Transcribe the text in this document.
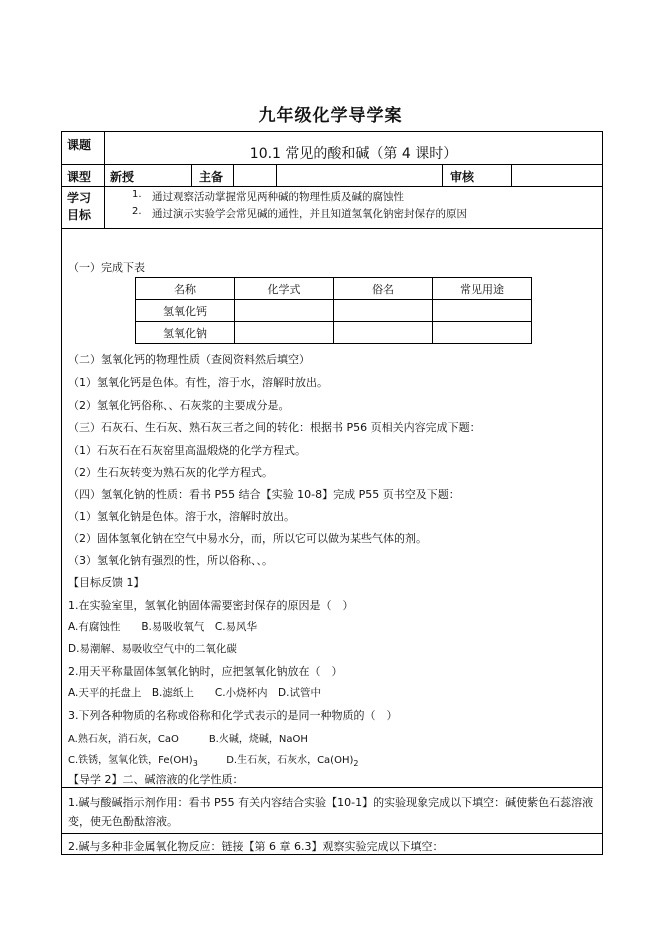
九年级化学导学案
课题
10.1 常见的酸和碱（第 4 课时）
课型 新授	主备	审核
学习
目标
1. 通过观察活动掌握常见两种碱的物理性质及碱的腐蚀性
2. 通过演示实验学会常见碱的通性，并且知道氢氧化钠密封保存的原因
（一）完成下表
名称	化学式	俗名	常见用途
氢氧化钙			
氢氧化钠			
（二）氢氧化钙的物理性质（查阅资料然后填空）
（1）氢氧化钙是色体。有性，溶于水，溶解时放出。
（2）氢氧化钙俗称、、石灰浆的主要成分是。
（三）石灰石、生石灰、熟石灰三者之间的转化：根据书 P56 页相关内容完成下题：
（1）石灰石在石灰窑里高温煅烧的化学方程式。
（2）生石灰转变为熟石灰的化学方程式。
（四）氢氧化钠的性质：看书 P55 结合【实验 10-8】完成 P55 页书空及下题：
（1）氢氧化钠是色体。溶于水，溶解时放出。
（2）固体氢氧化钠在空气中易水分，而，所以它可以做为某些气体的剂。
（3）氢氧化钠有强烈的性，所以俗称、、。
【目标反馈 1】
1.在实验室里，氢氧化钠固体需要密封保存的原因是（　）
A.有腐蚀性　　B.易吸收氧气　C.易风华
D.易潮解、易吸收空气中的二氧化碳
2.用天平称量固体氢氧化钠时，应把氢氧化钠放在（　）
A.天平的托盘上　B.滤纸上　　C.小烧杯内　D.试管中
3.下列各种物质的名称或俗称和化学式表示的是同一种物质的（　）
A.熟石灰，消石灰，CaO　　　B.火碱，烧碱，NaOH
C.铁锈，氢氧化铁，$Fe(OH)_3$	D.生石灰，石灰水，$Ca(OH)_2$
【导学 2】二、碱溶液的化学性质：
1.碱与酸碱指示剂作用：看书 P55 有关内容结合实验【10-1】的实验现象完成以下填空：碱使紫色石蕊溶液变，使无色酚酞溶液。
2.碱与多种非金属氧化物反应：链接【第 6 章 6.3】观察实验完成以下填空：
